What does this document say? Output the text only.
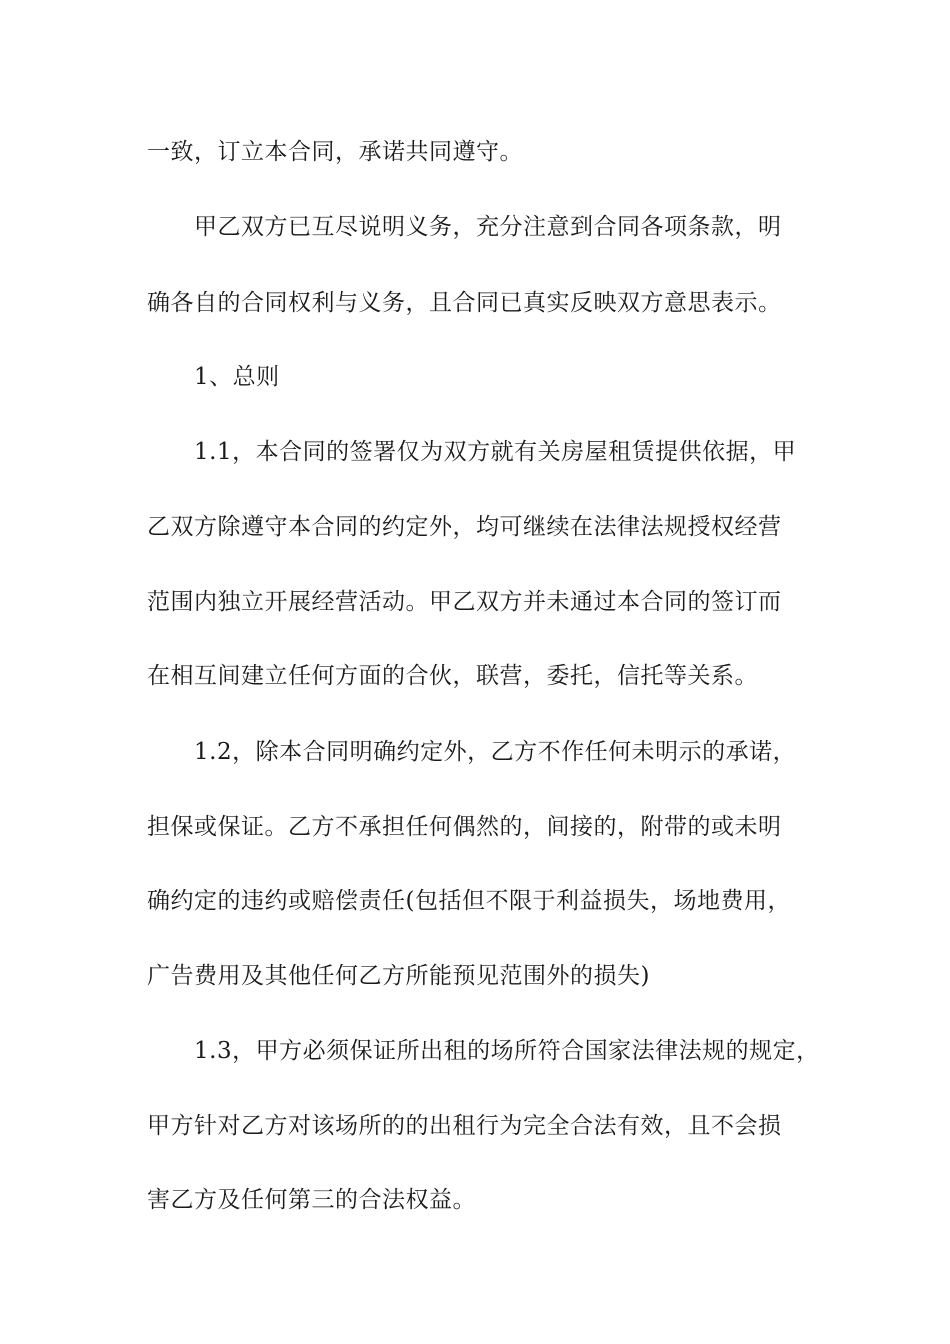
一致，订立本合同，承诺共同遵守。
甲乙双方已互尽说明义务，充分注意到合同各项条款，明
确各自的合同权利与义务，且合同已真实反映双方意思表示。
1、总则
1.1，本合同的签署仅为双方就有关房屋租赁提供依据，甲
乙双方除遵守本合同的约定外，均可继续在法律法规授权经营
范围内独立开展经营活动。甲乙双方并未通过本合同的签订而
在相互间建立任何方面的合伙，联营，委托，信托等关系。
1.2，除本合同明确约定外，乙方不作任何未明示的承诺，
担保或保证。乙方不承担任何偶然的，间接的，附带的或未明
确约定的违约或赔偿责任(包括但不限于利益损失，场地费用，
广告费用及其他任何乙方所能预见范围外的损失)
1.3，甲方必须保证所出租的场所符合国家法律法规的规定，
甲方针对乙方对该场所的的出租行为完全合法有效，且不会损
害乙方及任何第三的合法权益。
